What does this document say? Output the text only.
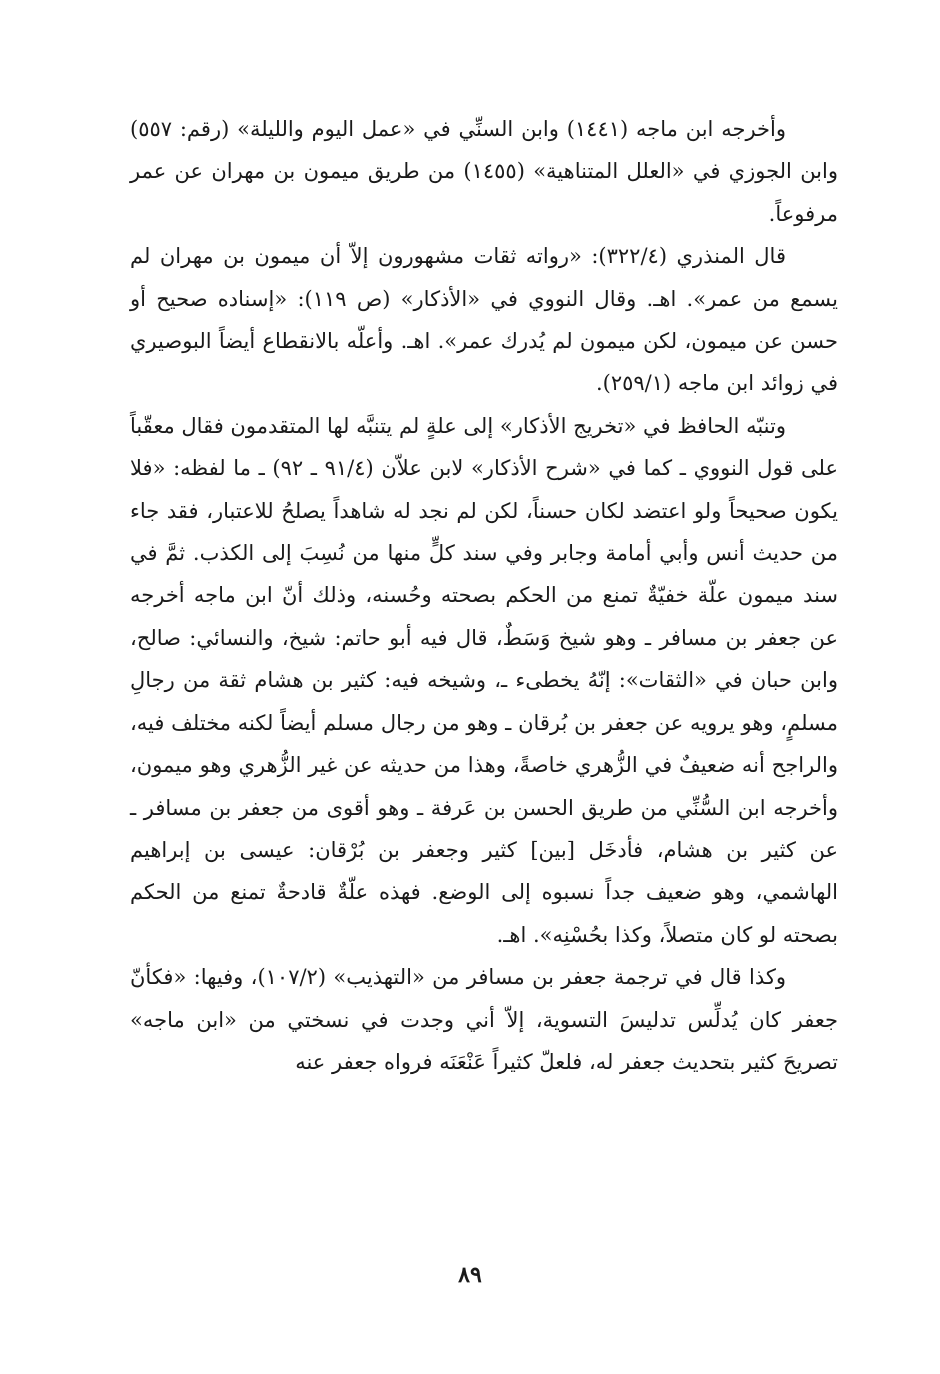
وأخرجه ابن ماجه (١٤٤١) وابن السنِّي في «عمل اليوم والليلة» (رقم: ٥٥٧) وابن الجوزي في «العلل المتناهية» (١٤٥٥) من طريق ميمون بن مهران عن عمر مرفوعاً.

قال المنذري (٣٢٢/٤): «رواته ثقات مشهورون إلاّ أن ميمون بن مهران لم يسمع من عمر». اهـ. وقال النووي في «الأذكار» (ص ١١٩): «إسناده صحيح أو حسن عن ميمون، لكن ميمون لم يُدرك عمر». اهـ. وأعلّه بالانقطاع أيضاً البوصيري في زوائد ابن ماجه (٢٥٩/١).

وتنبّه الحافظ في «تخريج الأذكار» إلى علةٍ لم يتنبَّه لها المتقدمون فقال معقّباً على قول النووي ـ كما في «شرح الأذكار» لابن علاّن (٩١/٤ ـ ٩٢) ـ ما لفظه: «فلا يكون صحيحاً ولو اعتضد لكان حسناً، لكن لم نجد له شاهداً يصلحُ للاعتبار، فقد جاء من حديث أنس وأبي أمامة وجابر وفي سند كلٍّ منها من نُسِبَ إلى الكذب. ثمَّ في سند ميمون علّة خفيّةٌ تمنع من الحكم بصحته وحُسنه، وذلك أنّ ابن ماجه أخرجه عن جعفر بن مسافر ـ وهو شيخ وَسَطٌ، قال فيه أبو حاتم: شيخ، والنسائي: صالح، وابن حبان في «الثقات»: إنّهُ يخطىء ـ، وشيخه فيه: كثير بن هشام ثقة من رجالِ مسلمٍ، وهو يرويه عن جعفر بن بُرقان ـ وهو من رجال مسلم أيضاً لكنه مختلف فيه، والراجح أنه ضعيفٌ في الزُّهري خاصةً، وهذا من حديثه عن غير الزُّهري وهو ميمون، وأخرجه ابن السُّنِّي من طريق الحسن بن عَرفة ـ وهو أقوى من جعفر بن مسافر ـ عن كثير بن هشام، فأدخَل [بين] كثير وجعفر بن بُرْقان: عيسى بن إبراهيم الهاشمي، وهو ضعيف جداً نسبوه إلى الوضع. فهذه علّةٌ قادحةٌ تمنع من الحكم بصحته لو كان متصلاً، وكذا بحُسْنِه». اهـ.

وكذا قال في ترجمة جعفر بن مسافر من «التهذيب» (١٠٧/٢)، وفيها: «فكأنّ جعفر كان يُدلِّس تدليسَ التسوية، إلاّ أني وجدت في نسختي من «ابن ماجه» تصريحَ كثير بتحديث جعفر له، فلعلّ كثيراً عَنْعَنَه فرواه جعفر عنه

٨٩
